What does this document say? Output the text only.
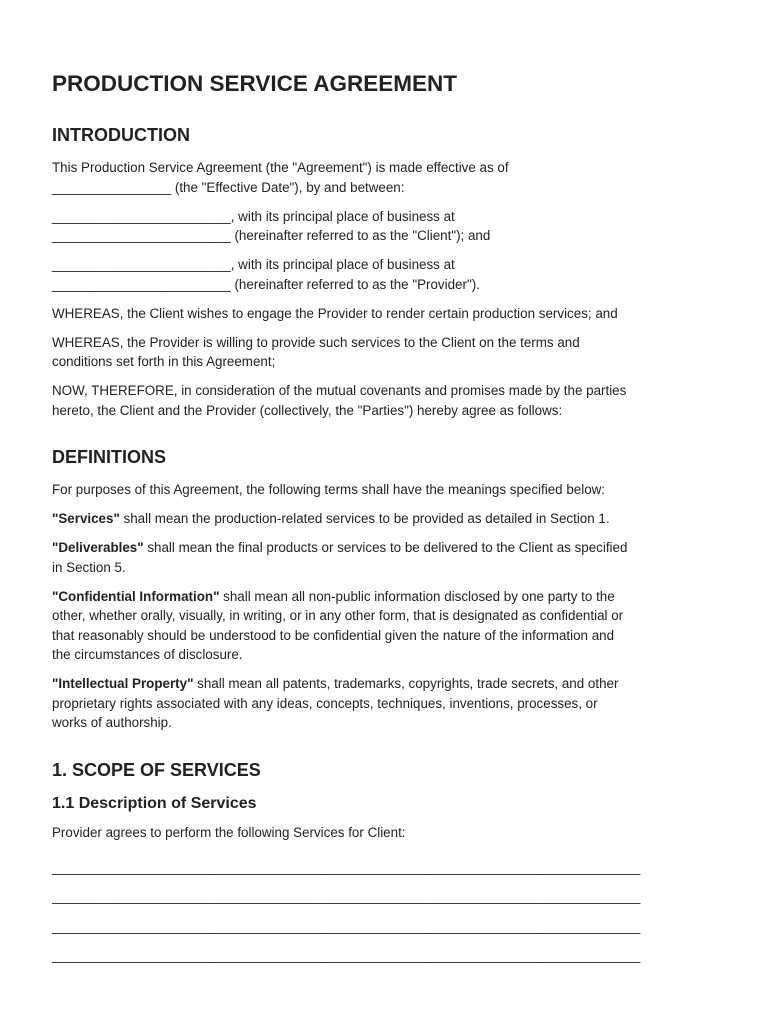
PRODUCTION SERVICE AGREEMENT
INTRODUCTION

This Production Service Agreement (the "Agreement") is made effective as of
________________ (the "Effective Date"), by and between:

________________________, with its principal place of business at
________________________ (hereinafter referred to as the "Client"); and

________________________, with its principal place of business at
________________________ (hereinafter referred to as the "Provider").

WHEREAS, the Client wishes to engage the Provider to render certain production services; and

WHEREAS, the Provider is willing to provide such services to the Client on the terms and
conditions set forth in this Agreement;

NOW, THEREFORE, in consideration of the mutual covenants and promises made by the parties
hereto, the Client and the Provider (collectively, the "Parties") hereby agree as follows:

DEFINITIONS

For purposes of this Agreement, the following terms shall have the meanings specified below:

"Services" shall mean the production-related services to be provided as detailed in Section 1.

"Deliverables" shall mean the final products or services to be delivered to the Client as specified
in Section 5.

"Confidential Information" shall mean all non-public information disclosed by one party to the
other, whether orally, visually, in writing, or in any other form, that is designated as confidential or
that reasonably should be understood to be confidential given the nature of the information and
the circumstances of disclosure.

"Intellectual Property" shall mean all patents, trademarks, copyrights, trade secrets, and other
proprietary rights associated with any ideas, concepts, techniques, inventions, processes, or
works of authorship.

1. SCOPE OF SERVICES
1.1 Description of Services

Provider agrees to perform the following Services for Client:

_______________________________________________________________________________
_______________________________________________________________________________
_______________________________________________________________________________
_______________________________________________________________________________
